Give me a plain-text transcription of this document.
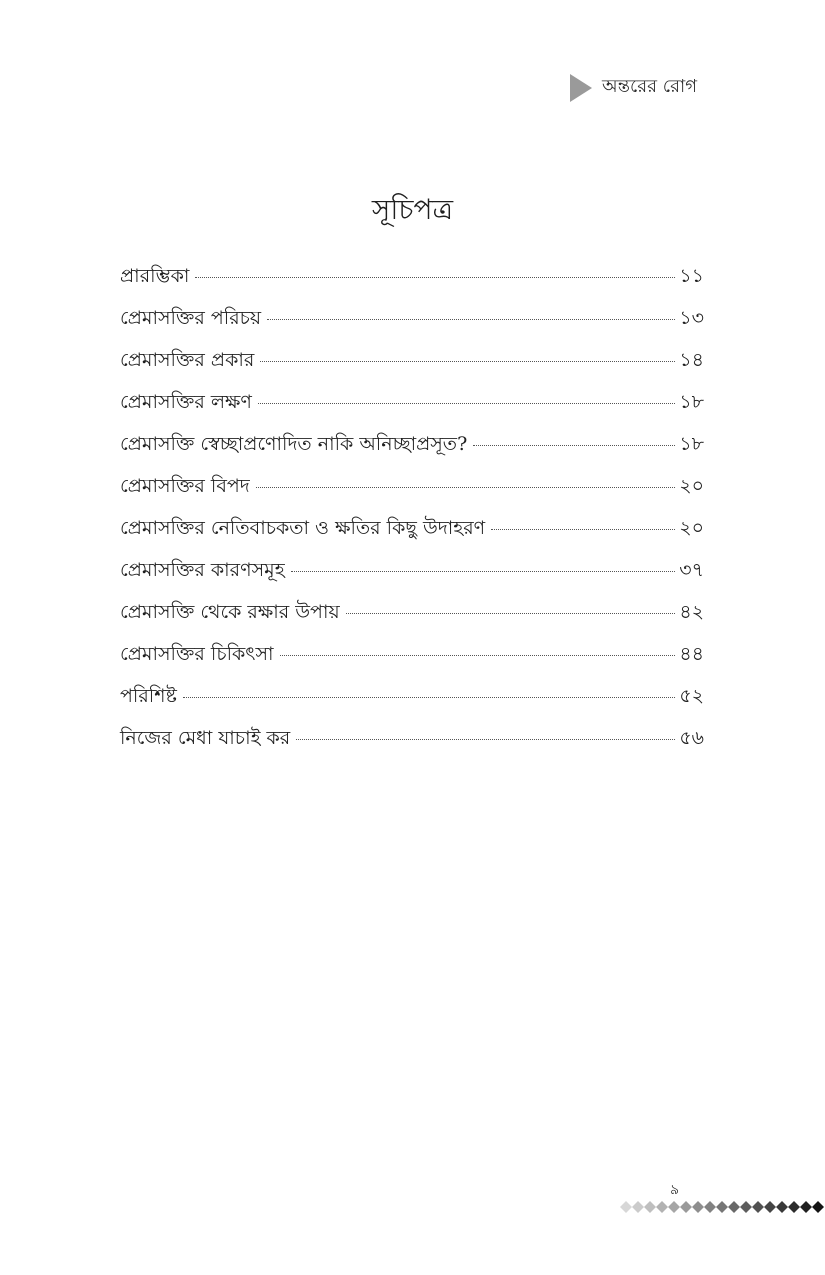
অন্তরের রোগ
সূচিপত্র
প্রারম্ভিকা	১১
প্রেমাসক্তির পরিচয়	১৩
প্রেমাসক্তির প্রকার	১৪
প্রেমাসক্তির লক্ষণ	১৮
প্রেমাসক্তি স্বেচ্ছাপ্রণোদিত নাকি অনিচ্ছাপ্রসূত?	১৮
প্রেমাসক্তির বিপদ	২০
প্রেমাসক্তির নেতিবাচকতা ও ক্ষতির কিছু উদাহরণ	২০
প্রেমাসক্তির কারণসমূহ	৩৭
প্রেমাসক্তি থেকে রক্ষার উপায়	৪২
প্রেমাসক্তির চিকিৎসা	৪৪
পরিশিষ্ট	৫২
নিজের মেধা যাচাই কর	৫৬
৯
